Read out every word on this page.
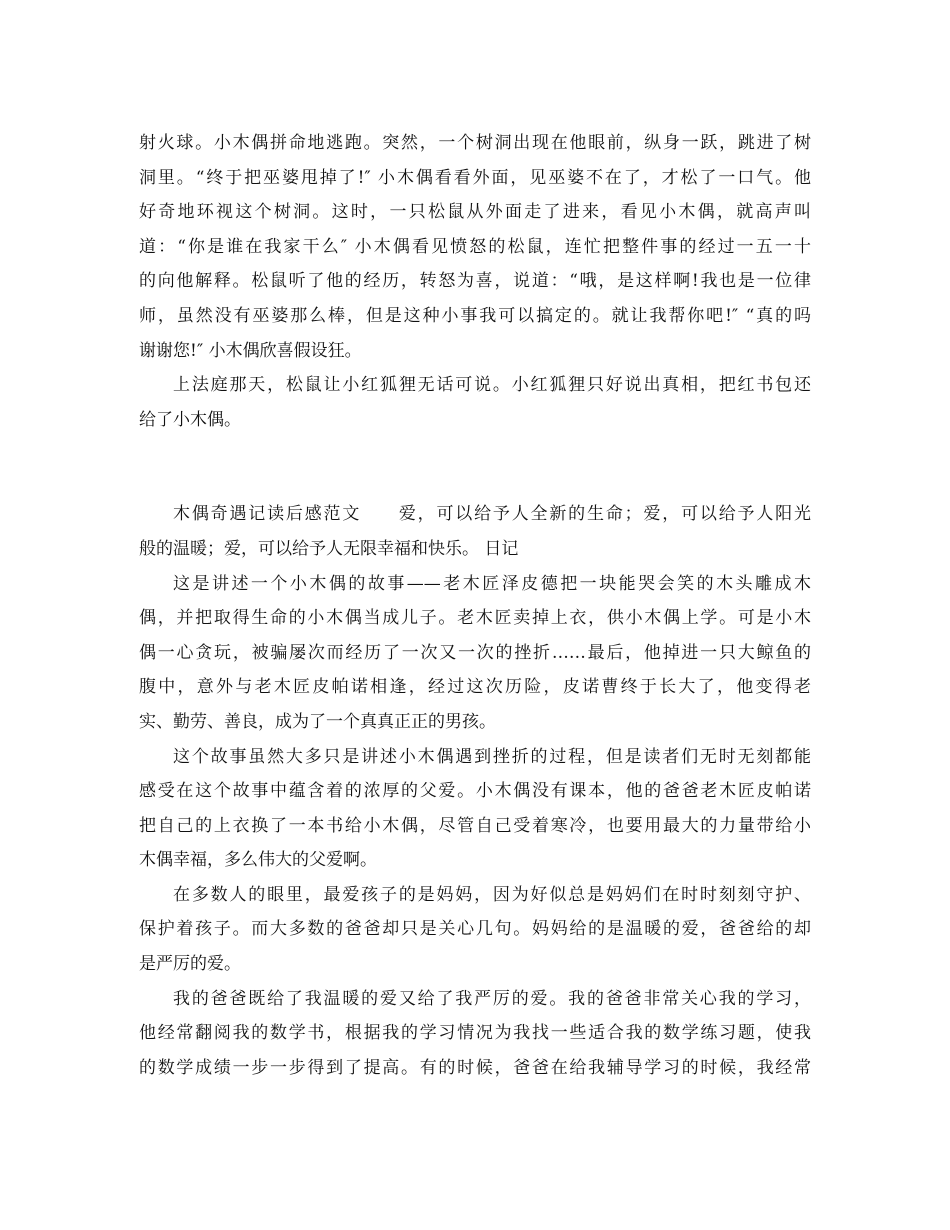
射火球。小木偶拼命地逃跑。突然，一个树洞出现在他眼前，纵身一跃，跳进了树
洞里。“终于把巫婆甩掉了!″ 小木偶看看外面，见巫婆不在了，才松了一口气。他
好奇地环视这个树洞。这时，一只松鼠从外面走了进来，看见小木偶，就高声叫
道：“你是谁在我家干么″ 小木偶看见愤怒的松鼠，连忙把整件事的经过一五一十
的向他解释。松鼠听了他的经历，转怒为喜，说道：“哦，是这样啊!我也是一位律
师，虽然没有巫婆那么棒，但是这种小事我可以搞定的。就让我帮你吧!″ “真的吗
谢谢您!″ 小木偶欣喜假设狂。
上法庭那天，松鼠让小红狐狸无话可说。小红狐狸只好说出真相，把红书包还
给了小木偶。
木偶奇遇记读后感范文　　爱，可以给予人全新的生命；爱，可以给予人阳光
般的温暖；爱，可以给予人无限幸福和快乐。 日记
这是讲述一个小木偶的故事——老木匠泽皮德把一块能哭会笑的木头雕成木
偶，并把取得生命的小木偶当成儿子。老木匠卖掉上衣，供小木偶上学。可是小木
偶一心贪玩，被骗屡次而经历了一次又一次的挫折……最后，他掉进一只大鲸鱼的
腹中，意外与老木匠皮帕诺相逢，经过这次历险，皮诺曹终于长大了，他变得老
实、勤劳、善良，成为了一个真真正正的男孩。
这个故事虽然大多只是讲述小木偶遇到挫折的过程，但是读者们无时无刻都能
感受在这个故事中蕴含着的浓厚的父爱。小木偶没有课本，他的爸爸老木匠皮帕诺
把自己的上衣换了一本书给小木偶，尽管自己受着寒冷，也要用最大的力量带给小
木偶幸福，多么伟大的父爱啊。
在多数人的眼里，最爱孩子的是妈妈，因为好似总是妈妈们在时时刻刻守护、
保护着孩子。而大多数的爸爸却只是关心几句。妈妈给的是温暖的爱，爸爸给的却
是严厉的爱。
我的爸爸既给了我温暖的爱又给了我严厉的爱。我的爸爸非常关心我的学习，
他经常翻阅我的数学书，根据我的学习情况为我找一些适合我的数学练习题，使我
的数学成绩一步一步得到了提高。有的时候，爸爸在给我辅导学习的时候，我经常
